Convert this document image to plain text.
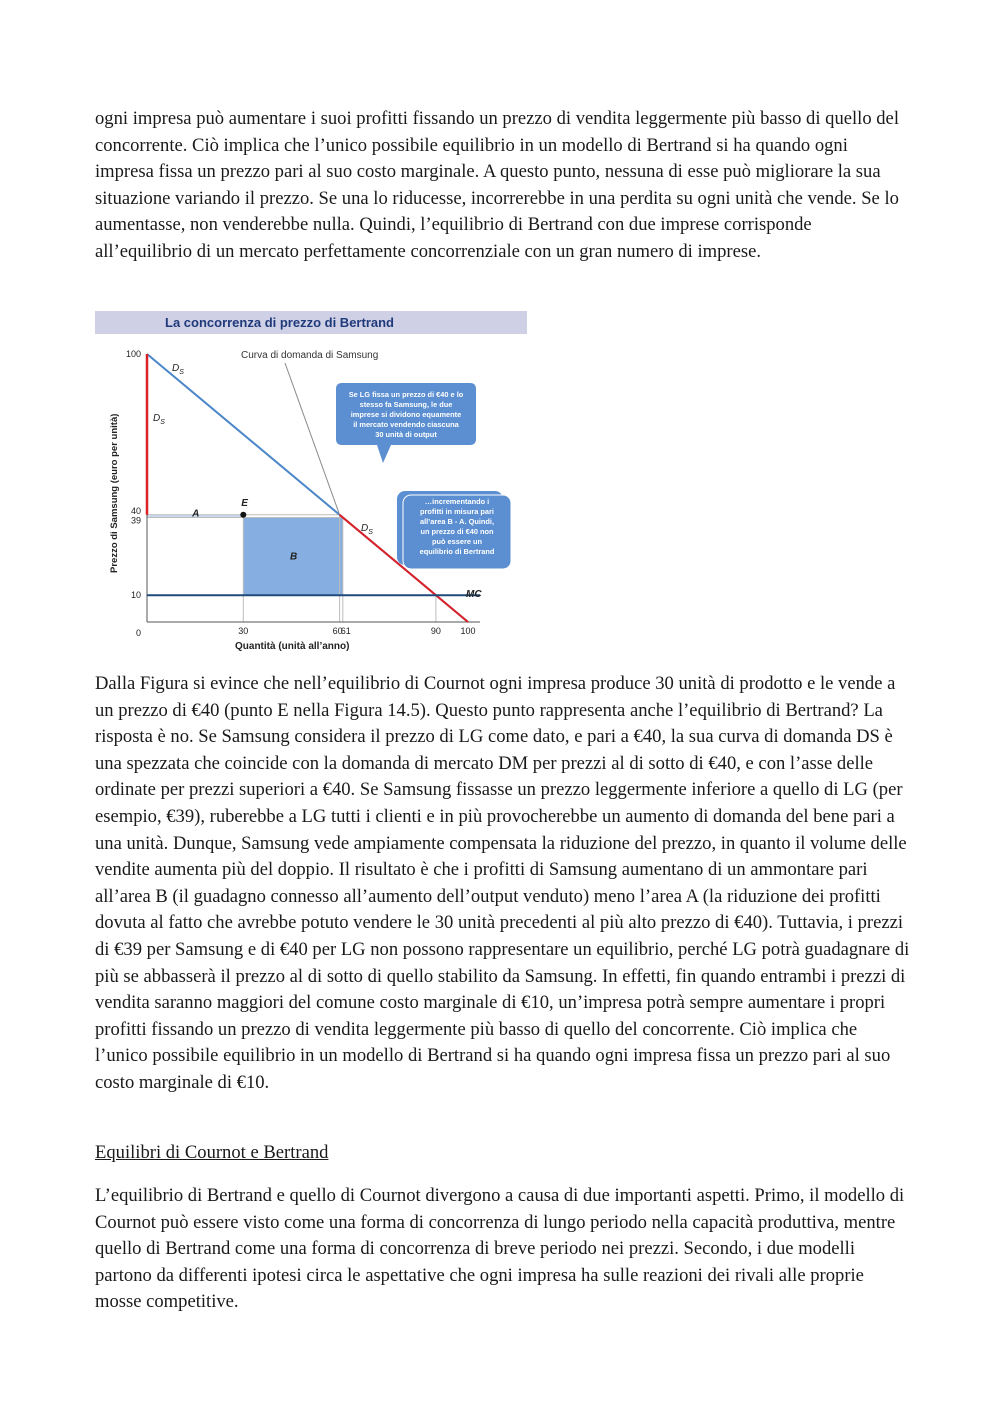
ogni impresa può aumentare i suoi profitti fissando un prezzo di vendita leggermente più basso di quello del concorrente. Ciò implica che l’unico possibile equilibrio in un modello di Bertrand si ha quando ogni impresa fissa un prezzo pari al suo costo marginale. A questo punto, nessuna di esse può migliorare la sua situazione variando il prezzo. Se una lo riducesse, incorrerebbe in una perdita su ogni unità che vende. Se lo aumentasse, non venderebbe nulla. Quindi, l’equilibrio di Bertrand con due imprese corrisponde all’equilibrio di un mercato perfettamente concorrenziale con un gran numero di imprese.

La concorrenza di prezzo di Bertrand
E
A
B
$D_S$
$D_S$
$D_S$
MC
Curva di domanda di Samsung
0
10
39
40
100
30	60
61	90 100
Prezzo di Samsung (euro per unità)
Quantità (unità all’anno)
Se LG fissa un prezzo di €40 e lo
stesso fa Samsung, le due
imprese si dividono equamente
il mercato vendendo ciascuna
30 unità di output
…incrementando i
profitti in misura pari
all’area B - A. Quindi,
un prezzo di €40 non
può essere un
equilibrio di Bertrand

Dalla Figura si evince che nell’equilibrio di Cournot ogni impresa produce 30 unità di prodotto e le vende a un prezzo di €40 (punto E nella Figura 14.5). Questo punto rappresenta anche l’equilibrio di Bertrand? La risposta è no. Se Samsung considera il prezzo di LG come dato, e pari a €40, la sua curva di domanda DS è una spezzata che coincide con la domanda di mercato DM per prezzi al di sotto di €40, e con l’asse delle ordinate per prezzi superiori a €40. Se Samsung fissasse un prezzo leggermente inferiore a quello di LG (per esempio, €39), ruberebbe a LG tutti i clienti e in più provocherebbe un aumento di domanda del bene pari a una unità. Dunque, Samsung vede ampiamente compensata la riduzione del prezzo, in quanto il volume delle vendite aumenta più del doppio. Il risultato è che i profitti di Samsung aumentano di un ammontare pari all’area B (il guadagno connesso all’aumento dell’output venduto) meno l’area A (la riduzione dei profitti dovuta al fatto che avrebbe potuto vendere le 30 unità precedenti al più alto prezzo di €40). Tuttavia, i prezzi di €39 per Samsung e di €40 per LG non possono rappresentare un equilibrio, perché LG potrà guadagnare di più se abbasserà il prezzo al di sotto di quello stabilito da Samsung. In effetti, fin quando entrambi i prezzi di vendita saranno maggiori del comune costo marginale di €10, un’impresa potrà sempre aumentare i propri profitti fissando un prezzo di vendita leggermente più basso di quello del concorrente. Ciò implica che l’unico possibile equilibrio in un modello di Bertrand si ha quando ogni impresa fissa un prezzo pari al suo costo marginale di €10.

Equilibri di Cournot e Bertrand

L’equilibrio di Bertrand e quello di Cournot divergono a causa di due importanti aspetti. Primo, il modello di Cournot può essere visto come una forma di concorrenza di lungo periodo nella capacità produttiva, mentre quello di Bertrand come una forma di concorrenza di breve periodo nei prezzi. Secondo, i due modelli partono da differenti ipotesi circa le aspettative che ogni impresa ha sulle reazioni dei rivali alle proprie mosse competitive.
